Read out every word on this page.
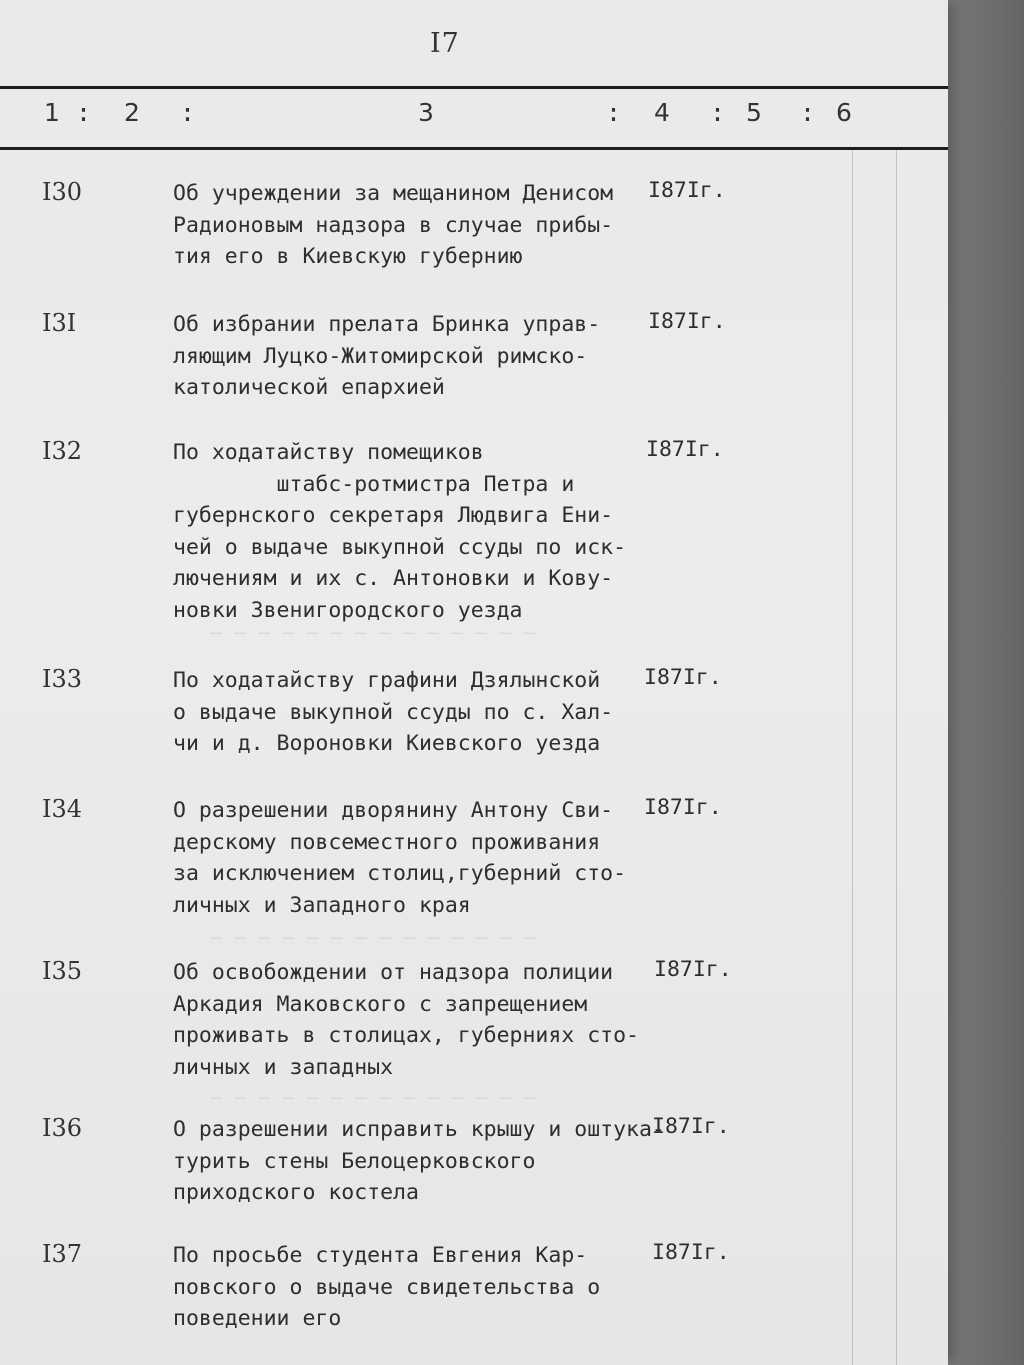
I7
1 : 2 :	3	: 4 : 5 : 6
— — — — — — — — — — — — — —
— — — — — — — — — — — — — —
— — — — — — — — — — — — — —
I30	Об учреждении за мещанином Денисом
Радионовым надзора в случае прибы-
тия его в Киевскую губернию
I87Iг.
I3I	Об избрании прелата Бринка управ-
ляющим Луцко-Житомирской римско-
католической епархией
I87Iг.
I32	По ходатайству помещиков
штабс-ротмистра Петра и
губернского секретаря Людвига Ени-
чей о выдаче выкупной ссуды по иск-
лючениям и их с. Антоновки и Кову-
новки Звенигородского уезда
I87Iг.
I33	По ходатайству графини Дзялынской
о выдаче выкупной ссуды по с. Хал-
чи и д. Вороновки Киевского уезда
I87Iг.
I34	О разрешении дворянину Антону Сви-
дерскому повсеместного проживания
за исключением столиц,губерний сто-
личных и Западного края
I87Iг.
I35	Об освобождении от надзора полиции
Аркадия Маковского с запрещением
проживать в столицах, губерниях сто-
личных и западных
I87Iг.
I36	О разрешении исправить крышу и оштука-
турить стены Белоцерковского
приходского костела
I87Iг.
I37	По просьбе студента Евгения Кар-
повского о выдаче свидетельства о
поведении его
I87Iг.
